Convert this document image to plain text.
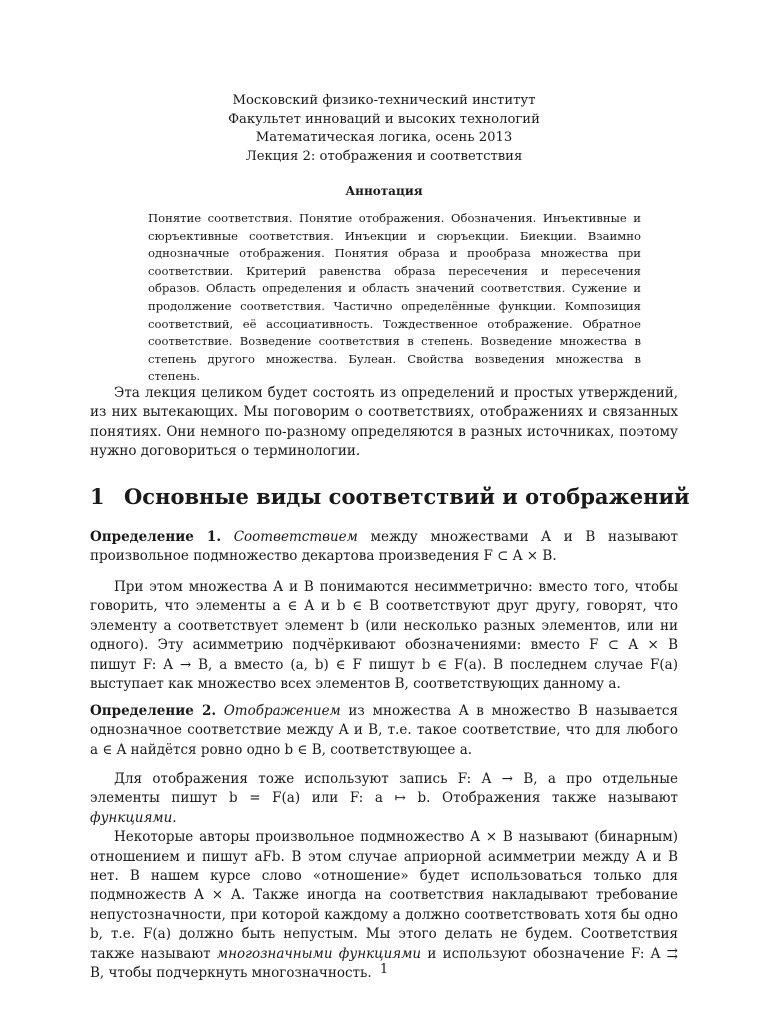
Московский физико-технический институт
Факультет инноваций и высоких технологий
Математическая логика, осень 2013
Лекция 2: отображения и соответствия
Аннотация

Понятие соответствия. Понятие отображения. Обозначения. Инъективные и сюръективные соответствия. Инъекции и сюръекции. Биекции. Взаимно однозначные отображения. Понятия образа и прообраза множества при соответствии. Критерий равенства образа пересечения и пересечения образов. Область определения и область значений соответствия. Сужение и продолжение соответствия. Частично определённые функции. Композиция соответствий, её ассоциативность. Тождественное отображение. Обратное соответствие. Возведение соответствия в степень. Возведение множества в степень другого множества. Булеан. Свойства возведения множества в степень.

Эта лекция целиком будет состоять из определений и простых утверждений, из них вытекающих. Мы поговорим о соответствиях, отображениях и связанных понятиях. Они немного по-разному определяются в разных источниках, поэтому нужно договориться о терминологии.

1 Основные виды соответствий и отображений

Определение 1. Соответствием между множествами A и B называют произвольное подмножество декартова произведения F ⊂ A × B.

При этом множества A и B понимаются несимметрично: вместо того, чтобы говорить, что элементы a ∈ A и b ∈ B соответствуют друг другу, говорят, что элементу a соответствует элемент b (или несколько разных элементов, или ни одного). Эту асимметрию подчёркивают обозначениями: вместо F ⊂ A × B пишут F: A → B, а вместо (a, b) ∈ F пишут b ∈ F(a). В последнем случае F(a) выступает как множество всех элементов B, соответствующих данному a.

Определение 2. Отображением из множества A в множество B называется однозначное соответствие между A и B, т.е. такое соответствие, что для любого a ∈ A найдётся ровно одно b ∈ B, соответствующее a.

Для отображения тоже используют запись F: A → B, а про отдельные элементы пишут b = F(a) или F: a ↦ b. Отображения также называют функциями.

Некоторые авторы произвольное подмножество A × B называют (бинарным) отношением и пишут aFb. В этом случае априорной асимметрии между A и B нет. В нашем курсе слово «отношение» будет использоваться только для подмножеств A × A. Также иногда на соответствия накладывают требование непустозначности, при которой каждому a должно соответствовать хотя бы одно b, т.е. F(a) должно быть непустым. Мы этого делать не будем. Соответствия также называют многозначными функциями и используют обозначение F: A ⇉ B, чтобы подчеркнуть многозначность. 1
